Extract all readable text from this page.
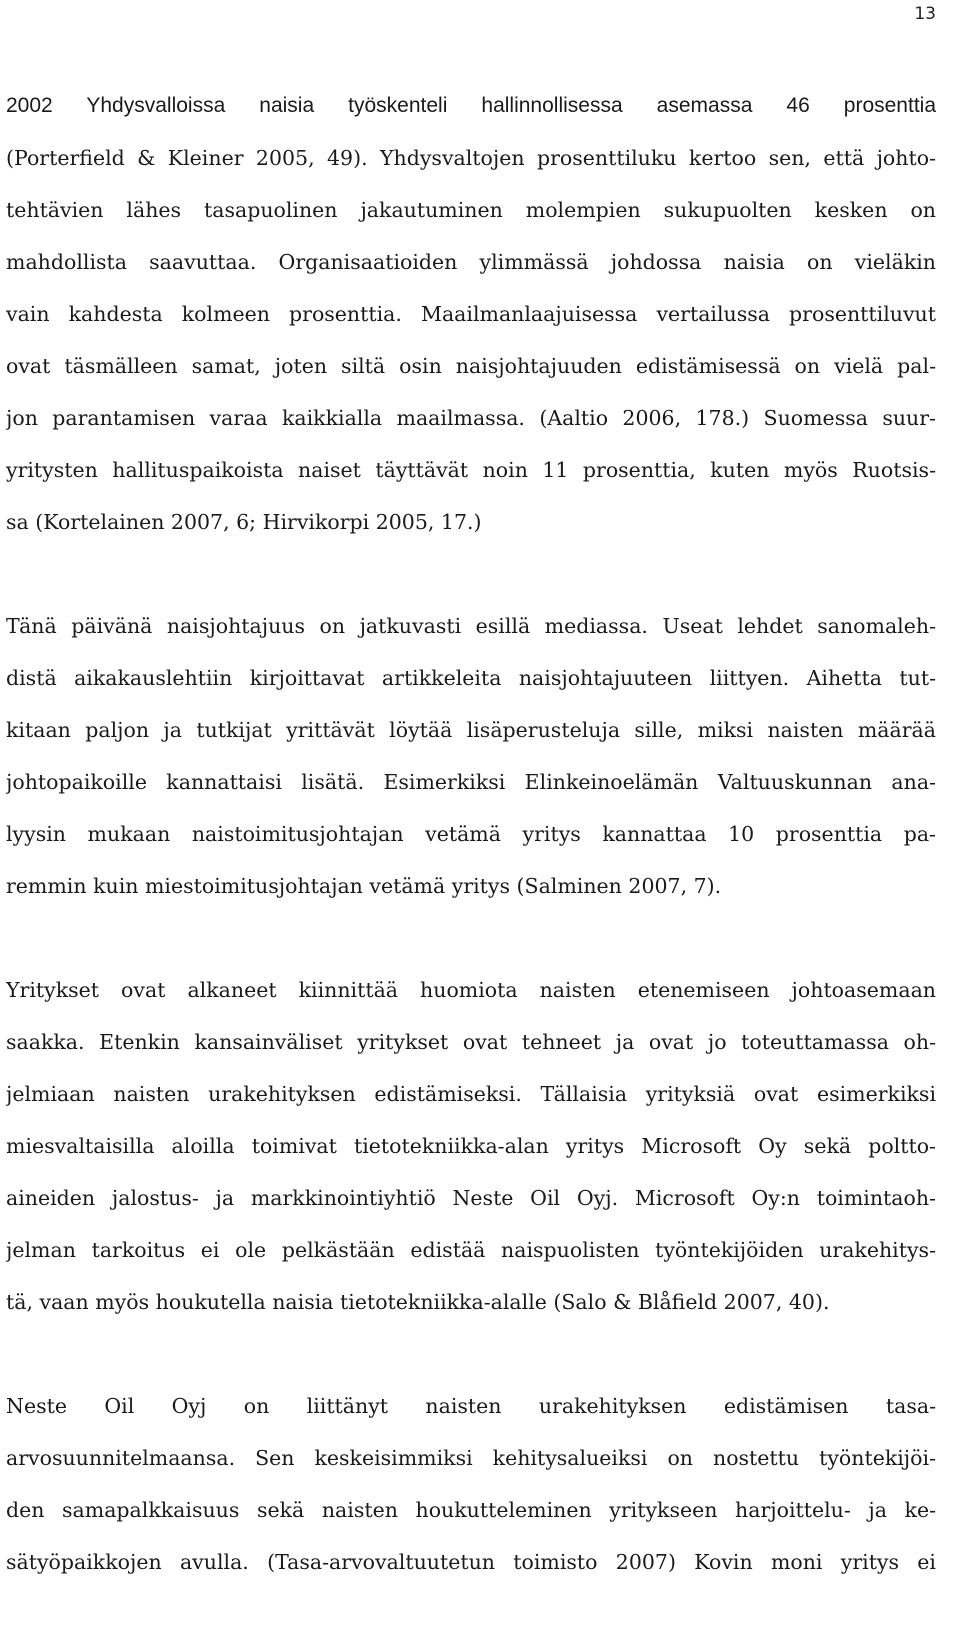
13
2002 Yhdysvalloissa naisia työskenteli hallinnollisessa asemassa 46 prosenttia
(Porterfield & Kleiner 2005, 49). Yhdysvaltojen prosenttiluku kertoo sen, että johto-
tehtävien lähes tasapuolinen jakautuminen molempien sukupuolten kesken on
mahdollista saavuttaa. Organisaatioiden ylimmässä johdossa naisia on vieläkin
vain kahdesta kolmeen prosenttia. Maailmanlaajuisessa vertailussa prosenttiluvut
ovat täsmälleen samat, joten siltä osin naisjohtajuuden edistämisessä on vielä pal-
jon parantamisen varaa kaikkialla maailmassa. (Aaltio 2006, 178.) Suomessa suur-
yritysten hallituspaikoista naiset täyttävät noin 11 prosenttia, kuten myös Ruotsis-
sa (Kortelainen 2007, 6; Hirvikorpi 2005, 17.)
Tänä päivänä naisjohtajuus on jatkuvasti esillä mediassa. Useat lehdet sanomaleh-
distä aikakauslehtiin kirjoittavat artikkeleita naisjohtajuuteen liittyen. Aihetta tut-
kitaan paljon ja tutkijat yrittävät löytää lisäperusteluja sille, miksi naisten määrää
johtopaikoille kannattaisi lisätä. Esimerkiksi Elinkeinoelämän Valtuuskunnan ana-
lyysin mukaan naistoimitusjohtajan vetämä yritys kannattaa 10 prosenttia pa-
remmin kuin miestoimitusjohtajan vetämä yritys (Salminen 2007, 7).
Yritykset ovat alkaneet kiinnittää huomiota naisten etenemiseen johtoasemaan
saakka. Etenkin kansainväliset yritykset ovat tehneet ja ovat jo toteuttamassa oh-
jelmiaan naisten urakehityksen edistämiseksi. Tällaisia yrityksiä ovat esimerkiksi
miesvaltaisilla aloilla toimivat tietotekniikka-alan yritys Microsoft Oy sekä poltto-
aineiden jalostus- ja markkinointiyhtiö Neste Oil Oyj. Microsoft Oy:n toimintaoh-
jelman tarkoitus ei ole pelkästään edistää naispuolisten työntekijöiden urakehitys-
tä, vaan myös houkutella naisia tietotekniikka-alalle (Salo & Blåfield 2007, 40).
Neste Oil Oyj on liittänyt naisten urakehityksen edistämisen tasa-
arvosuunnitelmaansa. Sen keskeisimmiksi kehitysalueiksi on nostettu työntekijöi-
den samapalkkaisuus sekä naisten houkutteleminen yritykseen harjoittelu- ja ke-
sätyöpaikkojen avulla. (Tasa-arvovaltuutetun toimisto 2007) Kovin moni yritys ei
